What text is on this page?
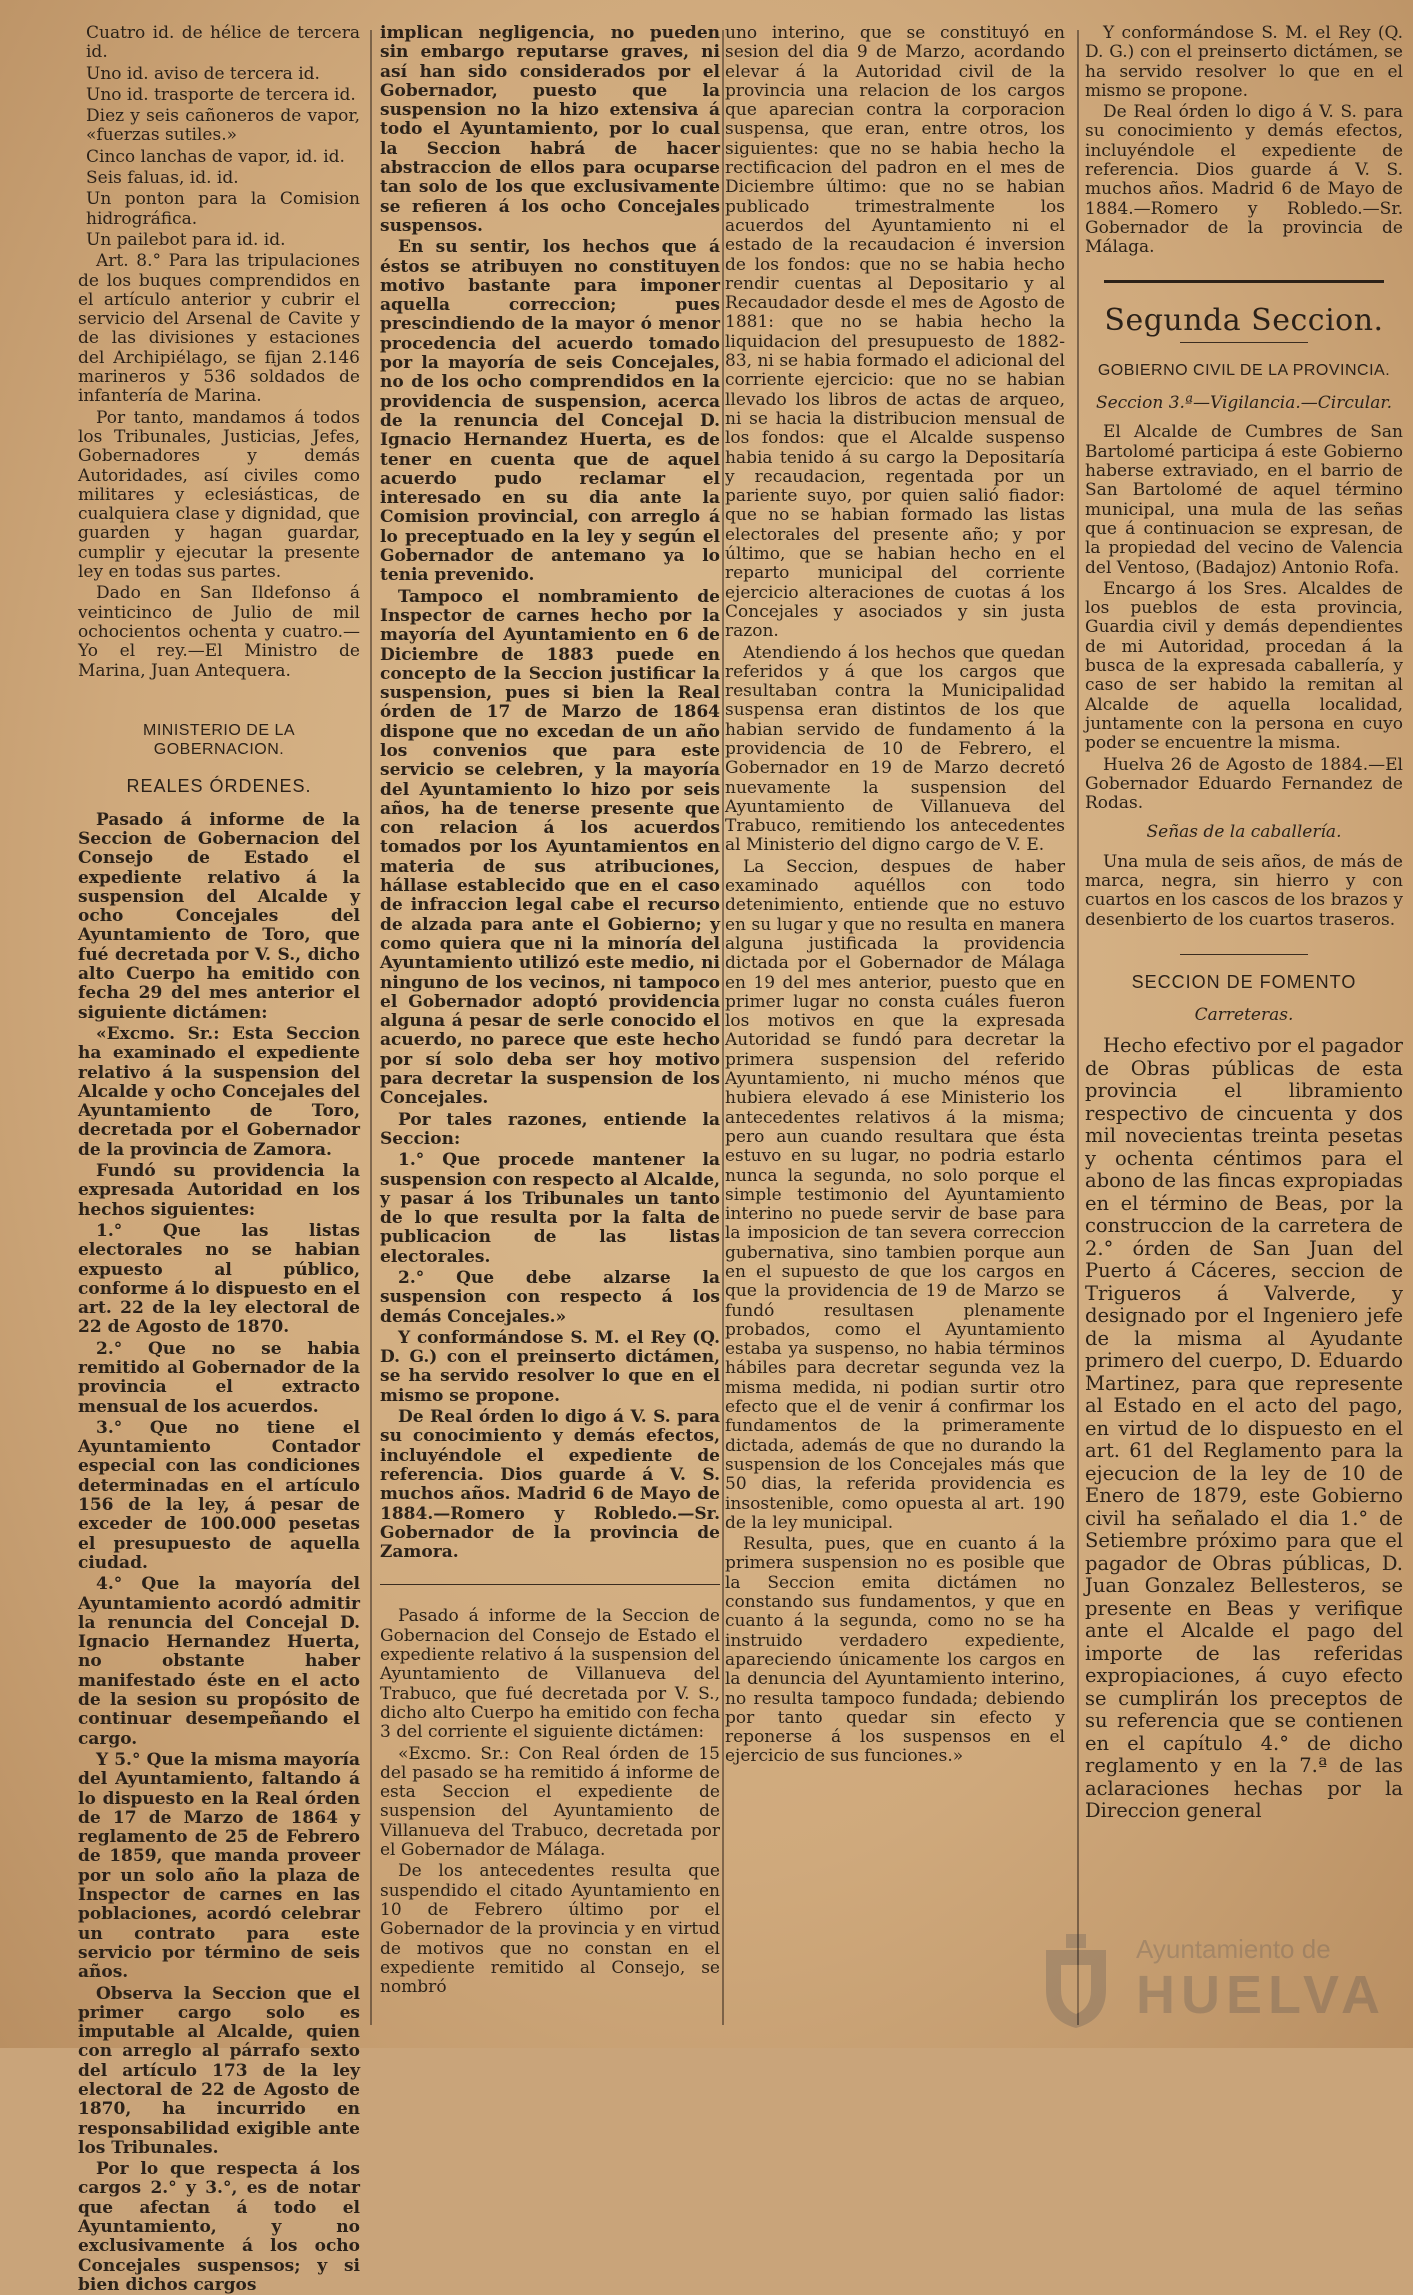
Cuatro id. de hélice de tercera id.

Uno id. aviso de tercera id.

Uno id. trasporte de tercera id.

Diez y seis cañoneros de vapor, «fuerzas sutiles.»

Cinco lanchas de vapor, id. id.

Seis faluas, id. id.

Un ponton para la Comision hidrográfica.

Un pailebot para id. id.

Art. 8.° Para las tripulaciones de los buques comprendidos en el artículo anterior y cubrir el servicio del Arsenal de Cavite y de las divisiones y estaciones del Archipiélago, se fijan 2.146 marineros y 536 soldados de infantería de Marina.

Por tanto, mandamos á todos los Tribunales, Justicias, Jefes, Gobernadores y demás Autoridades, así civiles como militares y eclesiásticas, de cualquiera clase y dignidad, que guarden y hagan guardar, cumplir y ejecutar la presente ley en todas sus partes.

Dado en San Ildefonso á veinticinco de Julio de mil ochocientos ochenta y cuatro.—Yo el rey.—El Ministro de Marina, Juan Antequera.

MINISTERIO DE LA GOBERNACION.
REALES ÓRDENES.

Pasado á informe de la Seccion de Gobernacion del Consejo de Estado el expediente relativo á la suspension del Alcalde y ocho Concejales del Ayuntamiento de Toro, que fué decretada por V. S., dicho alto Cuerpo ha emitido con fecha 29 del mes anterior el siguiente dictámen:

«Excmo. Sr.: Esta Seccion ha examinado el expediente relativo á la suspension del Alcalde y ocho Concejales del Ayuntamiento de Toro, decretada por el Gobernador de la provincia de Zamora.

Fundó su providencia la expresada Autoridad en los hechos siguientes:

1.° Que las listas electorales no se habian expuesto al público, conforme á lo dispuesto en el art. 22 de la ley electoral de 22 de Agosto de 1870.

2.° Que no se habia remitido al Gobernador de la provincia el extracto mensual de los acuerdos.

3.° Que no tiene el Ayuntamiento Contador especial con las condiciones determinadas en el artículo 156 de la ley, á pesar de exceder de 100.000 pesetas el presupuesto de aquella ciudad.

4.° Que la mayoría del Ayuntamiento acordó admitir la renuncia del Concejal D. Ignacio Hernandez Huerta, no obstante haber manifestado éste en el acto de la sesion su propósito de continuar desempeñando el cargo.

Y 5.° Que la misma mayoría del Ayuntamiento, faltando á lo dispuesto en la Real órden de 17 de Marzo de 1864 y reglamento de 25 de Febrero de 1859, que manda proveer por un solo año la plaza de Inspector de carnes en las poblaciones, acordó celebrar un contrato para este servicio por término de seis años.

Observa la Seccion que el primer cargo solo es imputable al Alcalde, quien con arreglo al párrafo sexto del artículo 173 de la ley electoral de 22 de Agosto de 1870, ha incurrido en responsabilidad exigible ante los Tribunales.

Por lo que respecta á los cargos 2.° y 3.°, es de notar que afectan á todo el Ayuntamiento, y no exclusivamente á los ocho Concejales suspensos; y si bien dichos cargos

implican negligencia, no pueden sin embargo reputarse graves, ni así han sido considerados por el Gobernador, puesto que la suspension no la hizo extensiva á todo el Ayuntamiento, por lo cual la Seccion habrá de hacer abstraccion de ellos para ocuparse tan solo de los que exclusivamente se refieren á los ocho Concejales suspensos.

En su sentir, los hechos que á éstos se atribuyen no constituyen motivo bastante para imponer aquella correccion; pues prescindiendo de la mayor ó menor procedencia del acuerdo tomado por la mayoría de seis Concejales, no de los ocho comprendidos en la providencia de suspension, acerca de la renuncia del Concejal D. Ignacio Hernandez Huerta, es de tener en cuenta que de aquel acuerdo pudo reclamar el interesado en su dia ante la Comision provincial, con arreglo á lo preceptuado en la ley y según el Gobernador de antemano ya lo tenia prevenido.

Tampoco el nombramiento de Inspector de carnes hecho por la mayoría del Ayuntamiento en 6 de Diciembre de 1883 puede en concepto de la Seccion justificar la suspension, pues si bien la Real órden de 17 de Marzo de 1864 dispone que no excedan de un año los convenios que para este servicio se celebren, y la mayoría del Ayuntamiento lo hizo por seis años, ha de tenerse presente que con relacion á los acuerdos tomados por los Ayuntamientos en materia de sus atribuciones, hállase establecido que en el caso de infraccion legal cabe el recurso de alzada para ante el Gobierno; y como quiera que ni la minoría del Ayuntamiento utilizó este medio, ni ninguno de los vecinos, ni tampoco el Gobernador adoptó providencia alguna á pesar de serle conocido el acuerdo, no parece que este hecho por sí solo deba ser hoy motivo para decretar la suspension de los Concejales.

Por tales razones, entiende la Seccion:

1.° Que procede mantener la suspension con respecto al Alcalde, y pasar á los Tribunales un tanto de lo que resulta por la falta de publicacion de las listas electorales.

2.° Que debe alzarse la suspension con respecto á los demás Concejales.»

Y conformándose S. M. el Rey (Q. D. G.) con el preinserto dictámen, se ha servido resolver lo que en el mismo se propone.

De Real órden lo digo á V. S. para su conocimiento y demás efectos, incluyéndole el expediente de referencia. Dios guarde á V. S. muchos años. Madrid 6 de Mayo de 1884.—Romero y Robledo.—Sr. Gobernador de la provincia de Zamora.

Pasado á informe de la Seccion de Gobernacion del Consejo de Estado el expediente relativo á la suspension del Ayuntamiento de Villanueva del Trabuco, que fué decretada por V. S., dicho alto Cuerpo ha emitido con fecha 3 del corriente el siguiente dictámen:

«Excmo. Sr.: Con Real órden de 15 del pasado se ha remitido á informe de esta Seccion el expediente de suspension del Ayuntamiento de Villanueva del Trabuco, decretada por el Gobernador de Málaga.

De los antecedentes resulta que suspendido el citado Ayuntamiento en 10 de Febrero último por el Gobernador de la provincia y en virtud de motivos que no constan en el expediente remitido al Consejo, se nombró

uno interino, que se constituyó en sesion del dia 9 de Marzo, acordando elevar á la Autoridad civil de la provincia una relacion de los cargos que aparecian contra la corporacion suspensa, que eran, entre otros, los siguientes: que no se habia hecho la rectificacion del padron en el mes de Diciembre último: que no se habian publicado trimestralmente los acuerdos del Ayuntamiento ni el estado de la recaudacion é inversion de los fondos: que no se habia hecho rendir cuentas al Depositario y al Recaudador desde el mes de Agosto de 1881: que no se habia hecho la liquidacion del presupuesto de 1882-83, ni se habia formado el adicional del corriente ejercicio: que no se habian llevado los libros de actas de arqueo, ni se hacia la distribucion mensual de los fondos: que el Alcalde suspenso habia tenido á su cargo la Depositaría y recaudacion, regentada por un pariente suyo, por quien salió fiador: que no se habian formado las listas electorales del presente año; y por último, que se habian hecho en el reparto municipal del corriente ejercicio alteraciones de cuotas á los Concejales y asociados y sin justa razon.

Atendiendo á los hechos que quedan referidos y á que los cargos que resultaban contra la Municipalidad suspensa eran distintos de los que habian servido de fundamento á la providencia de 10 de Febrero, el Gobernador en 19 de Marzo decretó nuevamente la suspension del Ayuntamiento de Villanueva del Trabuco, remitiendo los antecedentes al Ministerio del digno cargo de V. E.

La Seccion, despues de haber examinado aquéllos con todo detenimiento, entiende que no estuvo en su lugar y que no resulta en manera alguna justificada la providencia dictada por el Gobernador de Málaga en 19 del mes anterior, puesto que en primer lugar no consta cuáles fueron los motivos en que la expresada Autoridad se fundó para decretar la primera suspension del referido Ayuntamiento, ni mucho ménos que hubiera elevado á ese Ministerio los antecedentes relativos á la misma; pero aun cuando resultara que ésta estuvo en su lugar, no podria estarlo nunca la segunda, no solo porque el simple testimonio del Ayuntamiento interino no puede servir de base para la imposicion de tan severa correccion gubernativa, sino tambien porque aun en el supuesto de que los cargos en que la providencia de 19 de Marzo se fundó resultasen plenamente probados, como el Ayuntamiento estaba ya suspenso, no habia términos hábiles para decretar segunda vez la misma medida, ni podian surtir otro efecto que el de venir á confirmar los fundamentos de la primeramente dictada, además de que no durando la suspension de los Concejales más que 50 dias, la referida providencia es insostenible, como opuesta al art. 190 de la ley municipal.

Resulta, pues, que en cuanto á la primera suspension no es posible que la Seccion emita dictámen no constando sus fundamentos, y que en cuanto á la segunda, como no se ha instruido verdadero expediente, apareciendo únicamente los cargos en la denuncia del Ayuntamiento interino, no resulta tampoco fundada; debiendo por tanto quedar sin efecto y reponerse á los suspensos en el ejercicio de sus funciones.»

Y conformándose S. M. el Rey (Q. D. G.) con el preinserto dictámen, se ha servido resolver lo que en el mismo se propone.

De Real órden lo digo á V. S. para su conocimiento y demás efectos, incluyéndole el expediente de referencia. Dios guarde á V. S. muchos años. Madrid 6 de Mayo de 1884.—Romero y Robledo.—Sr. Gobernador de la provincia de Málaga.

Segunda Seccion.
GOBIERNO CIVIL DE LA PROVINCIA.
Seccion 3.ª—Vigilancia.—Circular.

El Alcalde de Cumbres de San Bartolomé participa á este Gobierno haberse extraviado, en el barrio de San Bartolomé de aquel término municipal, una mula de las señas que á continuacion se expresan, de la propiedad del vecino de Valencia del Ventoso, (Badajoz) Antonio Rofa.

Encargo á los Sres. Alcaldes de los pueblos de esta provincia, Guardia civil y demás dependientes de mi Autoridad, procedan á la busca de la expresada caballería, y caso de ser habido la remitan al Alcalde de aquella localidad, juntamente con la persona en cuyo poder se encuentre la misma.

Huelva 26 de Agosto de 1884.—El Gobernador Eduardo Fernandez de Rodas.

Señas de la caballería.

Una mula de seis años, de más de marca, negra, sin hierro y con cuartos en los cascos de los brazos y desenbierto de los cuartos traseros.

SECCION DE FOMENTO
Carreteras.

Hecho efectivo por el pagador de Obras públicas de esta provincia el libramiento respectivo de cincuenta y dos mil novecientas treinta pesetas y ochenta céntimos para el abono de las fincas expropiadas en el término de Beas, por la construccion de la carretera de 2.° órden de San Juan del Puerto á Cáceres, seccion de Trigueros á Valverde, y designado por el Ingeniero jefe de la misma al Ayudante primero del cuerpo, D. Eduardo Martinez, para que represente al Estado en el acto del pago, en virtud de lo dispuesto en el art. 61 del Reglamento para la ejecucion de la ley de 10 de Enero de 1879, este Gobierno civil ha señalado el dia 1.° de Setiembre próximo para que el pagador de Obras públicas, D. Juan Gonzalez Bellesteros, se presente en Beas y verifique ante el Alcalde el pago del importe de las referidas expropiaciones, á cuyo efecto se cumplirán los preceptos de su referencia que se contienen en el capítulo 4.° de dicho reglamento y en la 7.ª de las aclaraciones hechas por la Direccion general

Ayuntamiento de
HUELVA
